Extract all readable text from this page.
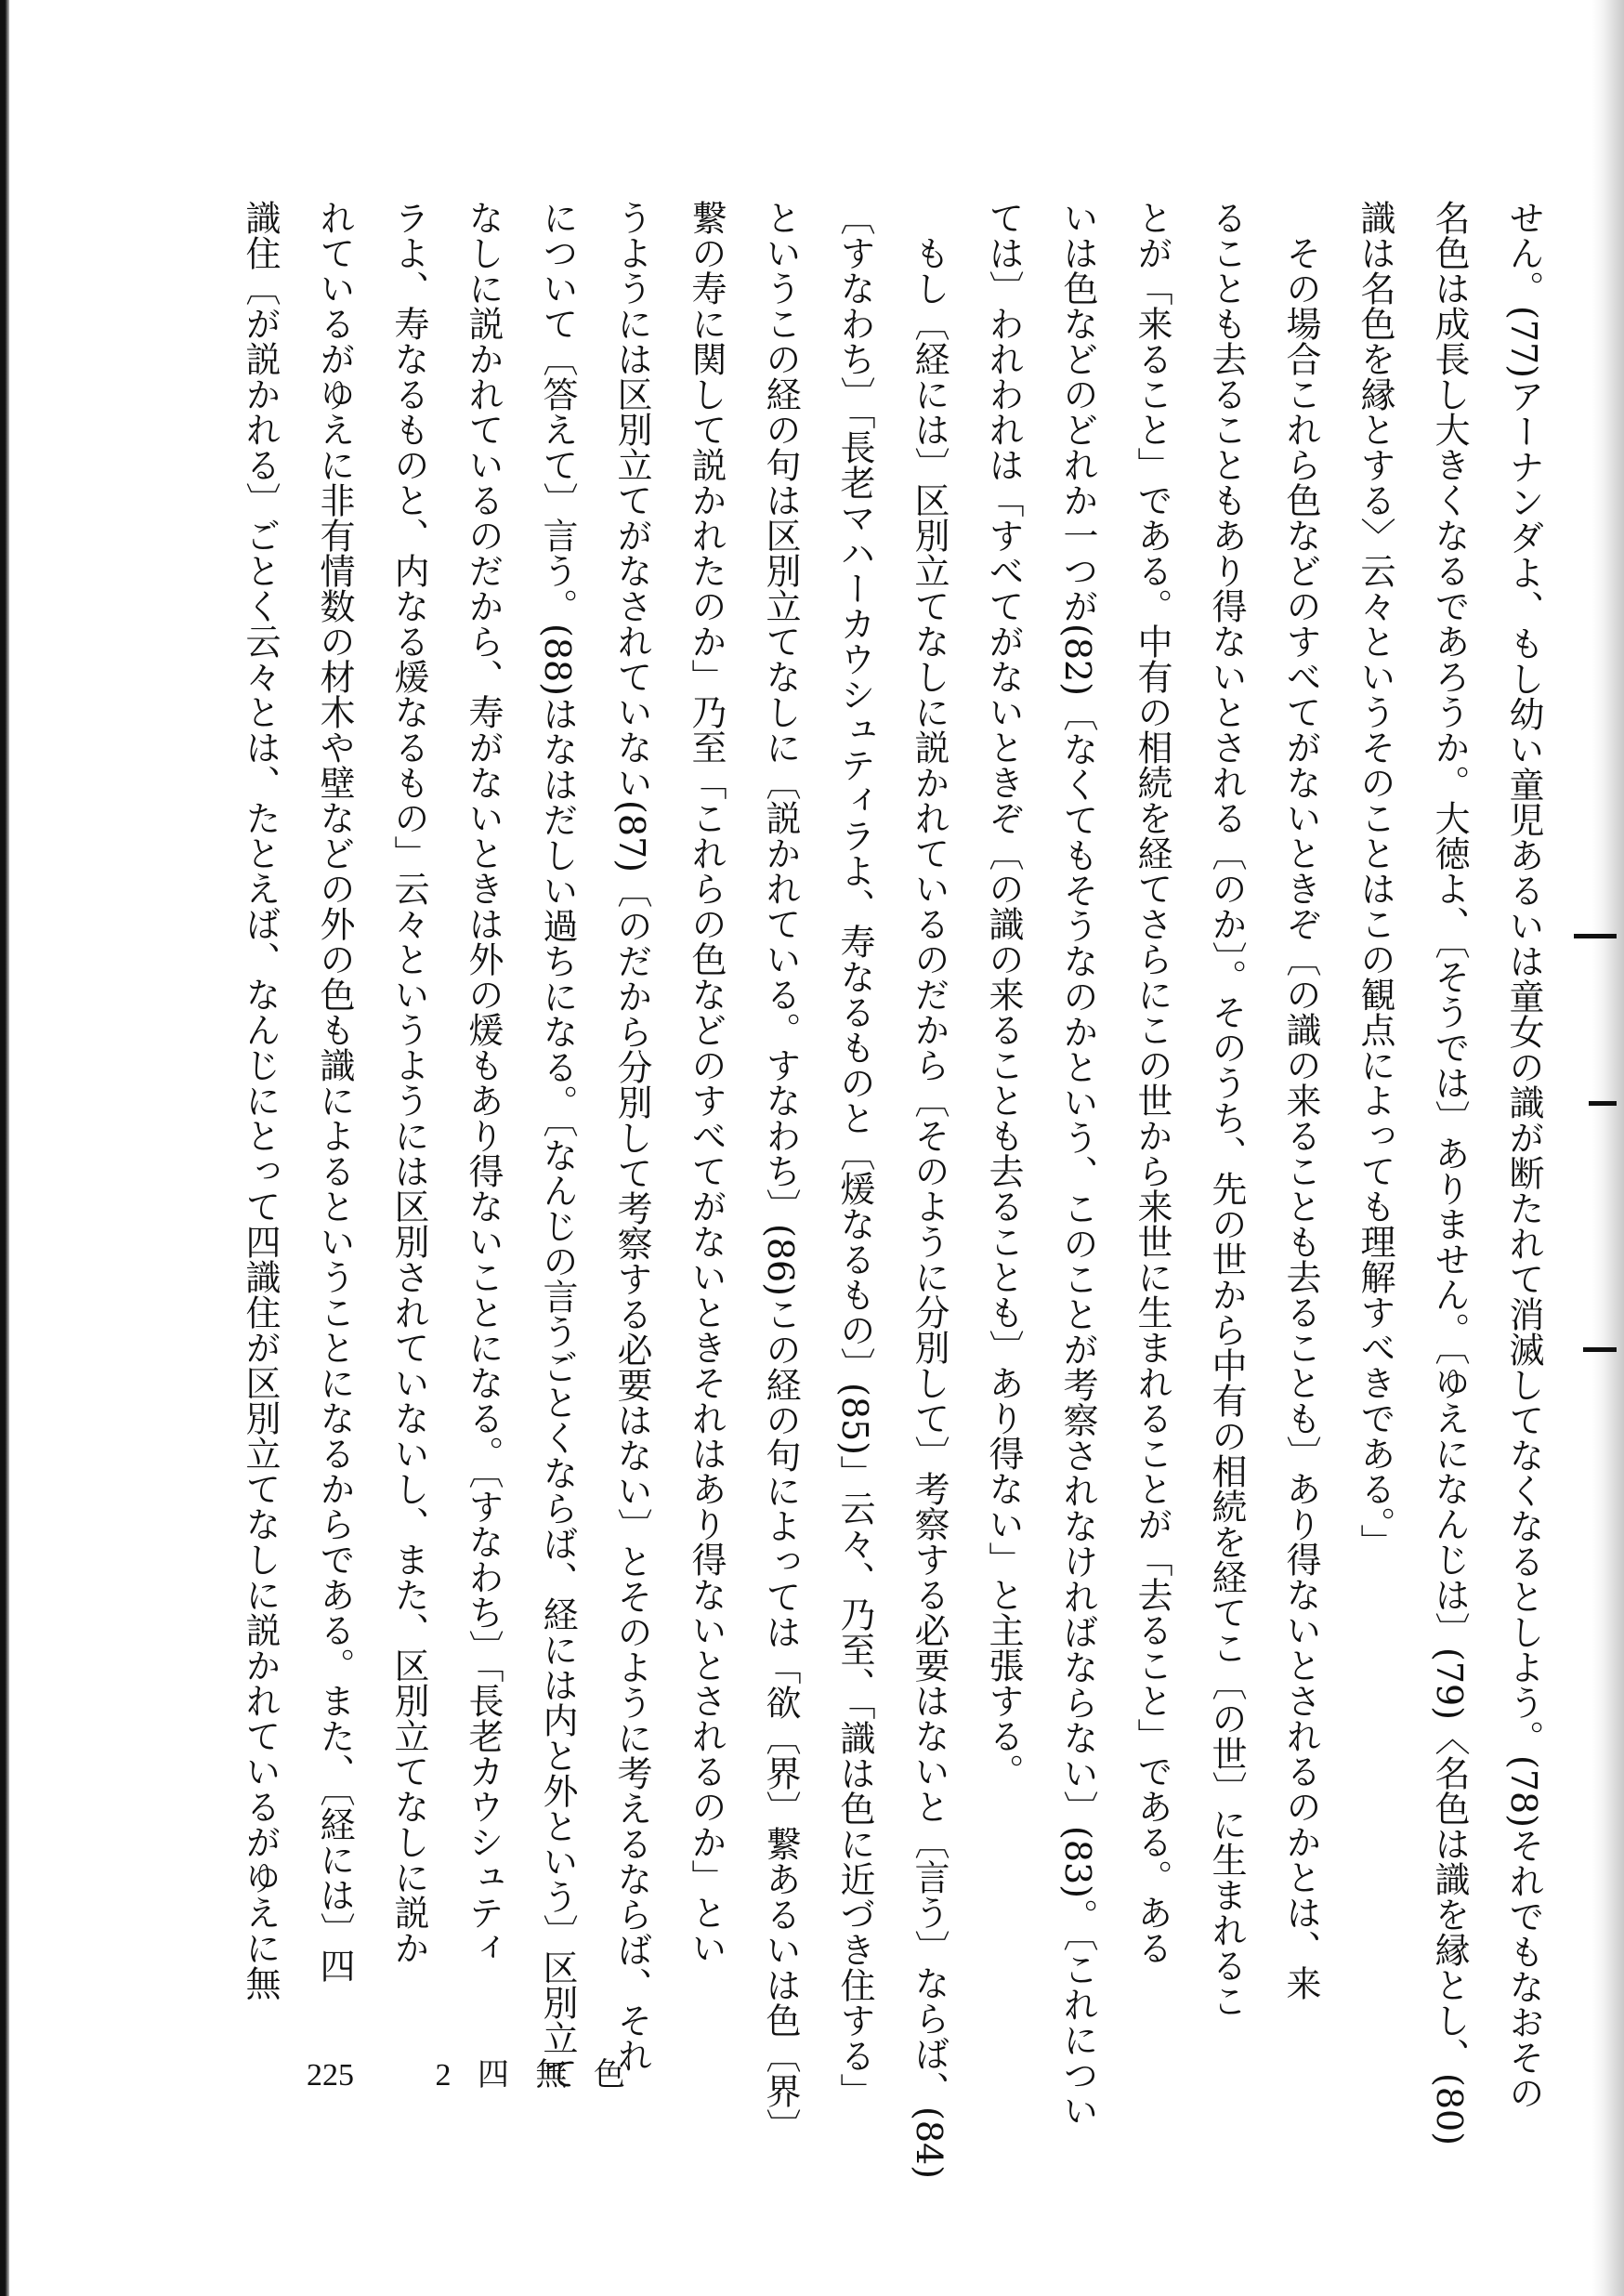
せん。(77)アーナンダよ、もし幼い童児あるいは童女の識が断たれて消滅してなくなるとしよう。(78)それでもなおその
名色は成長し大きくなるであろうか。大徳よ、〔そうでは〕ありません。〔ゆえになんじは〕(79)〈名色は識を縁とし、(80)
識は名色を縁とする〉云々というそのことはこの観点によっても理解すべきである。」
その場合これら色などのすべてがないときぞ〔の識の来ることも去ることも〕あり得ないとされるのかとは、来
ることも去ることもあり得ないとされる〔のか〕。そのうち、先の世から中有の相続を経てこ〔の世〕に生まれるこ
とが「来ること」である。中有の相続を経てさらにこの世から来世に生まれることが「去ること」である。ある
いは色などのどれか一つが(82)〔なくてもそうなのかという、このことが考察されなければならない〕(83)。〔これについ
ては〕われわれは「すべてがないときぞ〔の識の来ることも去ることも〕あり得ない」と主張する。
もし〔経には〕区別立てなしに説かれているのだから〔そのように分別して〕考察する必要はないと〔言う〕ならば、(84)
〔すなわち〕「長老マハーカウシュティラよ、寿なるものと〔煖なるもの〕(85)」云々、乃至、「識は色に近づき住する」
というこの経の句は区別立てなしに〔説かれている。すなわち〕(86)この経の句によっては「欲〔界〕繋あるいは色〔界〕
繋の寿に関して説かれたのか」乃至「これらの色などのすべてがないときそれはあり得ないとされるのか」とい
うようには区別立てがなされていない(87)〔のだから分別して考察する必要はない〕とそのように考えるならば、それ
について〔答えて〕言う。(88)はなはだしい過ちになる。〔なんじの言うごとくならば、経には内と外という〕区別立て
なしに説かれているのだから、寿がないときは外の煖もあり得ないことになる。〔すなわち〕「長老カウシュティ
ラよ、寿なるものと、内なる煖なるもの」云々というようには区別されていないし、また、区別立てなしに説か
れているがゆえに非有情数の材木や壁などの外の色も識によるということになるからである。また、〔経には〕四
識住〔が説かれる〕ごとく云々とは、たとえば、なんじにとって四識住が区別立てなしに説かれているがゆえに無
225	2 四 無 色
